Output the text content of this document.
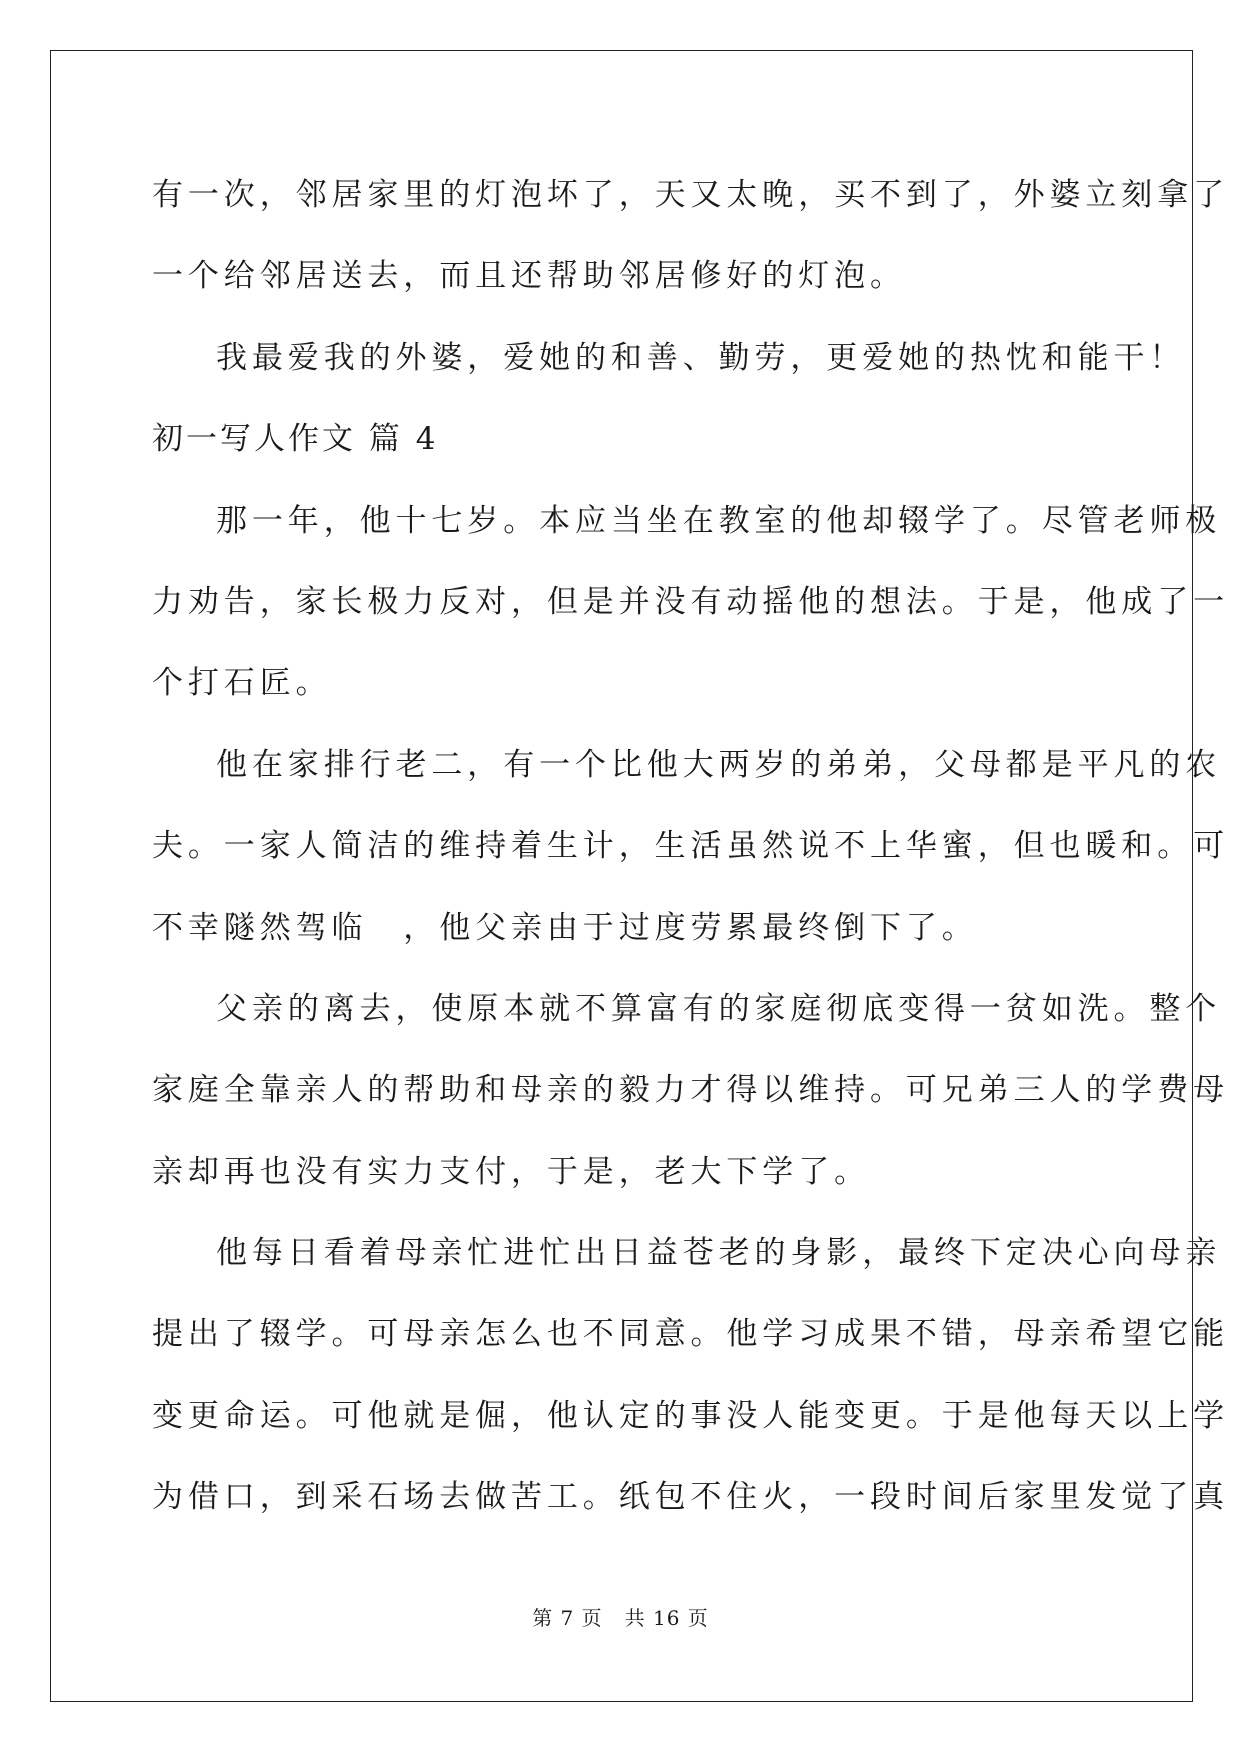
有一次，邻居家里的灯泡坏了，天又太晚，买不到了，外婆立刻拿了
一个给邻居送去，而且还帮助邻居修好的灯泡。
我最爱我的外婆，爱她的和善、勤劳，更爱她的热忱和能干！
初一写人作文 篇 4
那一年，他十七岁。本应当坐在教室的他却辍学了。尽管老师极
力劝告，家长极力反对，但是并没有动摇他的想法。于是，他成了一
个打石匠。
他在家排行老二，有一个比他大两岁的弟弟，父母都是平凡的农
夫。一家人简洁的维持着生计，生活虽然说不上华蜜，但也暖和。可
不幸隧然驾临　，他父亲由于过度劳累最终倒下了。
父亲的离去，使原本就不算富有的家庭彻底变得一贫如洗。整个
家庭全靠亲人的帮助和母亲的毅力才得以维持。可兄弟三人的学费母
亲却再也没有实力支付，于是，老大下学了。
他每日看着母亲忙进忙出日益苍老的身影，最终下定决心向母亲
提出了辍学。可母亲怎么也不同意。他学习成果不错，母亲希望它能
变更命运。可他就是倔，他认定的事没人能变更。于是他每天以上学
为借口，到采石场去做苦工。纸包不住火，一段时间后家里发觉了真
第 7 页 共 16 页
